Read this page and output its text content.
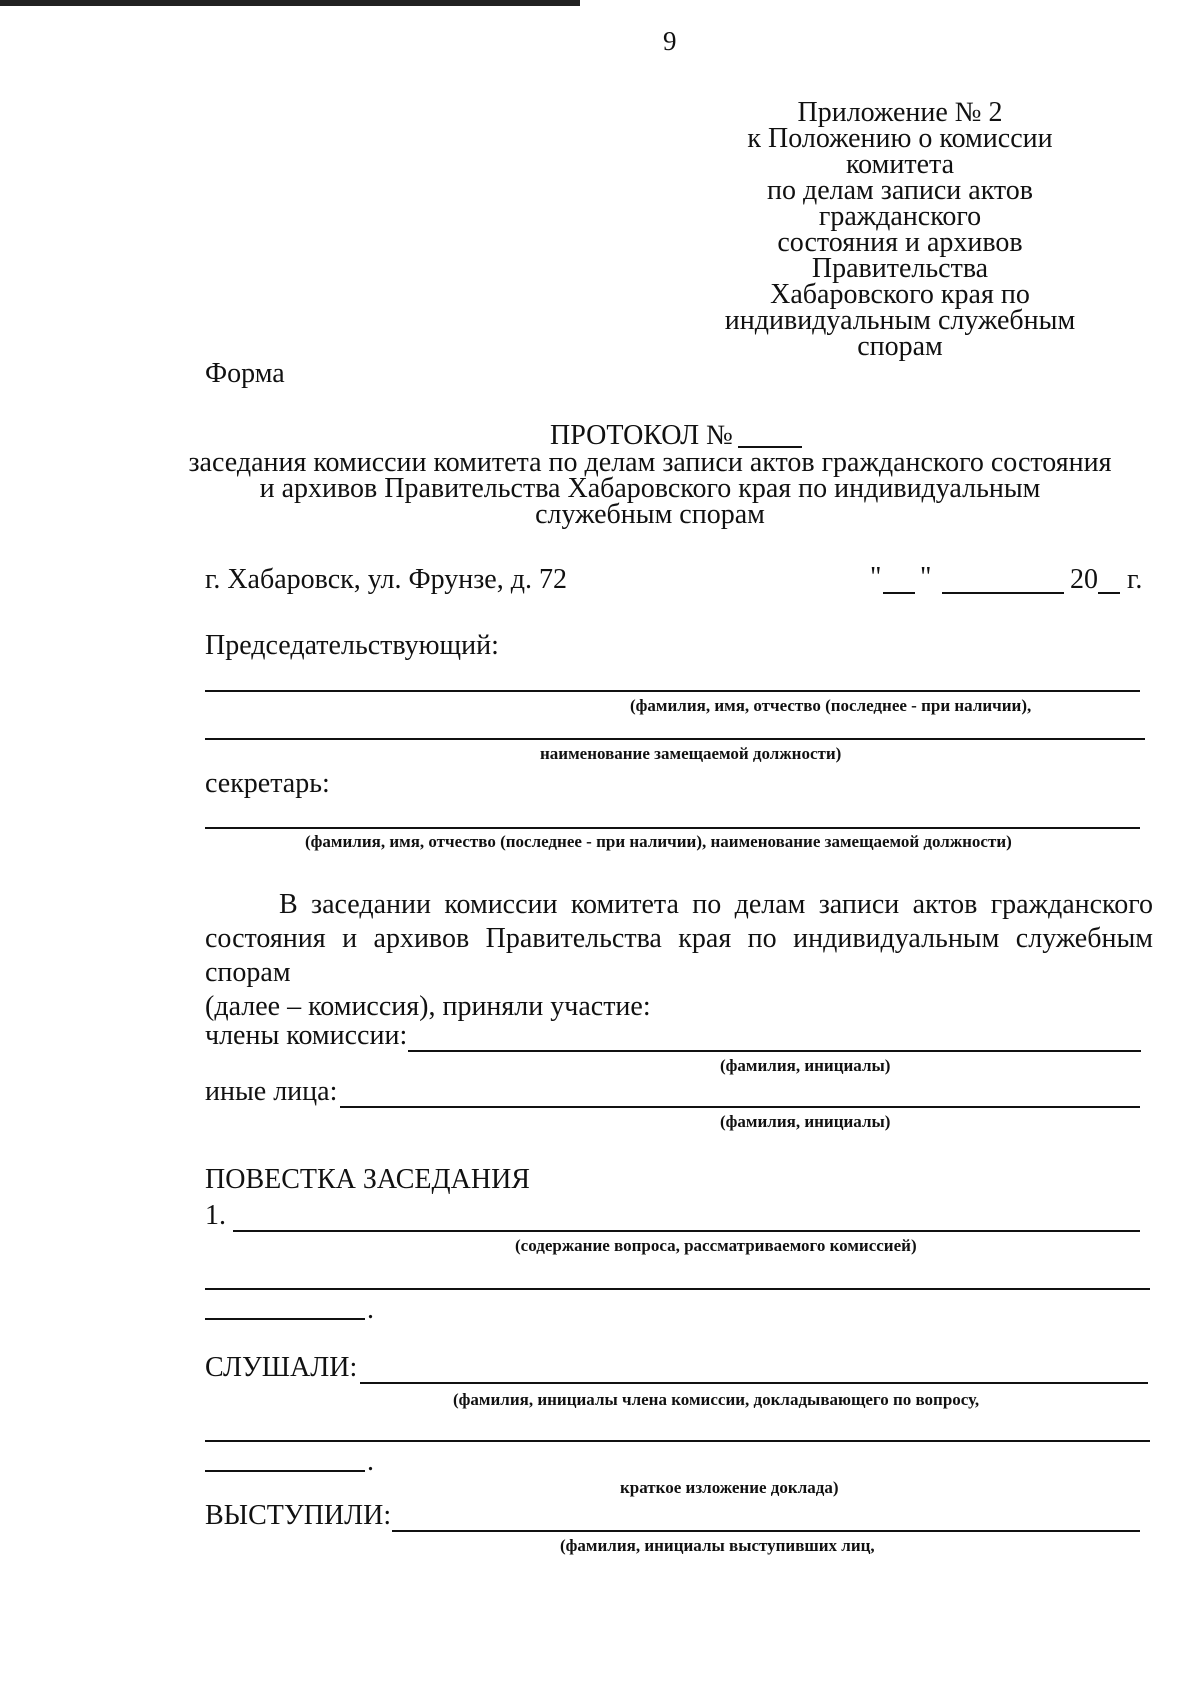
9
Приложение № 2
к Положению о комиссии комитета
по делам записи актов гражданского
состояния и архивов Правительства
Хабаровского края по
индивидуальным служебным спорам
Форма
ПРОТОКОЛ №
заседания комиссии комитета по делам записи актов гражданского состояния
и архивов Правительства Хабаровского края по индивидуальным
служебным спорам
г. Хабаровск, ул. Фрунзе, д. 72	" "	20 г.
Председательствующий:
(фамилия, имя, отчество (последнее - при наличии),
наименование замещаемой должности)
секретарь:
(фамилия, имя, отчество (последнее - при наличии), наименование замещаемой должности)
В заседании комиссии комитета по делам записи актов гражданского
состояния и архивов Правительства края по индивидуальным служебным спорам
(далее – комиссия), приняли участие:
члены комиссии:
(фамилия, инициалы)
иные лица:
(фамилия, инициалы)
ПОВЕСТКА ЗАСЕДАНИЯ
1.
(содержание вопроса, рассматриваемого комиссией)
.
СЛУШАЛИ:
(фамилия, инициалы члена комиссии, докладывающего по вопросу,
.
краткое изложение доклада)
ВЫСТУПИЛИ:
(фамилия, инициалы выступивших лиц,
